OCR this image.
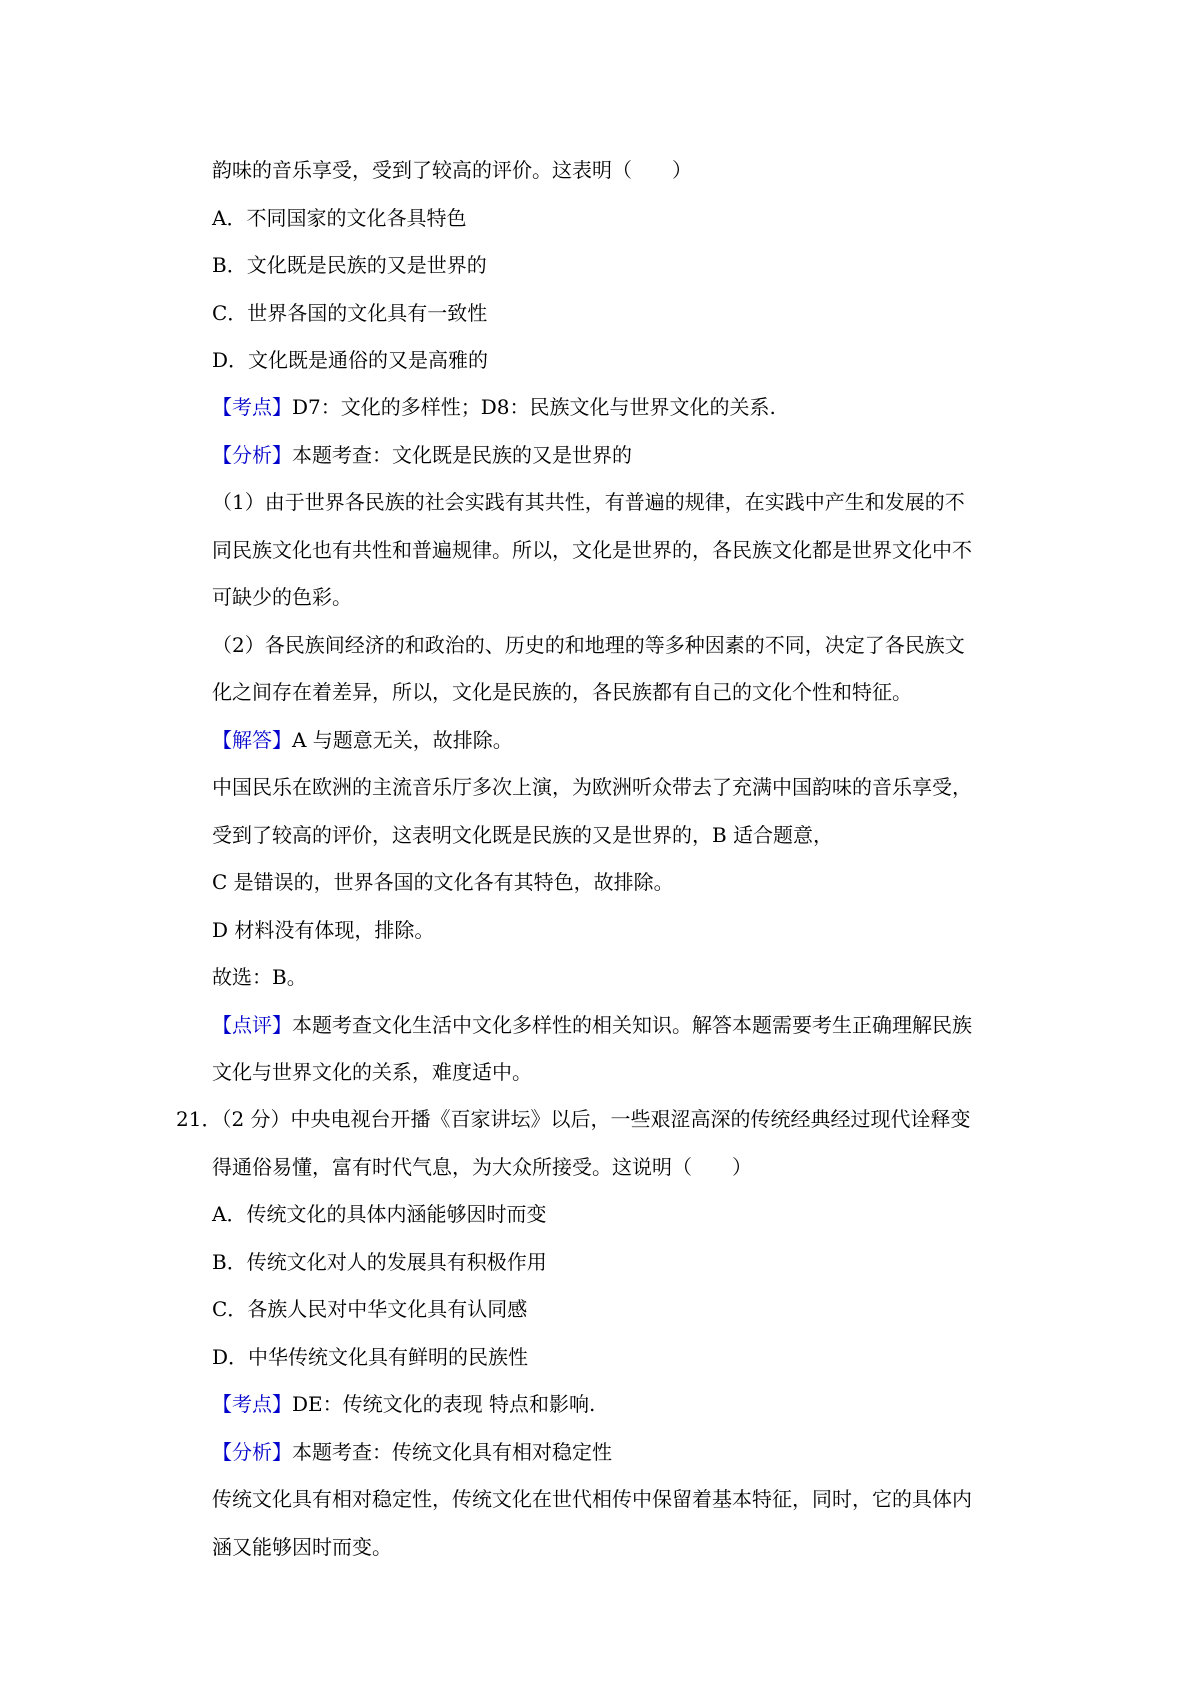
韵味的音乐享受，受到了较高的评价。这表明（　　）
A．不同国家的文化各具特色
B．文化既是民族的又是世界的
C．世界各国的文化具有一致性
D．文化既是通俗的又是高雅的
【考点】D7：文化的多样性；D8：民族文化与世界文化的关系.
【分析】本题考查：文化既是民族的又是世界的
（1）由于世界各民族的社会实践有其共性，有普遍的规律，在实践中产生和发展的不
同民族文化也有共性和普遍规律。所以，文化是世界的，各民族文化都是世界文化中不
可缺少的色彩。
（2）各民族间经济的和政治的、历史的和地理的等多种因素的不同，决定了各民族文
化之间存在着差异，所以，文化是民族的，各民族都有自己的文化个性和特征。
【解答】A 与题意无关，故排除。
中国民乐在欧洲的主流音乐厅多次上演，为欧洲听众带去了充满中国韵味的音乐享受，
受到了较高的评价，这表明文化既是民族的又是世界的，B 适合题意，
C 是错误的，世界各国的文化各有其特色，故排除。
D 材料没有体现，排除。
故选：B。
【点评】本题考查文化生活中文化多样性的相关知识。解答本题需要考生正确理解民族
文化与世界文化的关系，难度适中。
21．（2 分）中央电视台开播《百家讲坛》以后，一些艰涩高深的传统经典经过现代诠释变
得通俗易懂，富有时代气息，为大众所接受。这说明（　　）
A．传统文化的具体内涵能够因时而变
B．传统文化对人的发展具有积极作用
C．各族人民对中华文化具有认同感
D．中华传统文化具有鲜明的民族性
【考点】DE：传统文化的表现 特点和影响.
【分析】本题考查：传统文化具有相对稳定性
传统文化具有相对稳定性，传统文化在世代相传中保留着基本特征，同时，它的具体内
涵又能够因时而变。
